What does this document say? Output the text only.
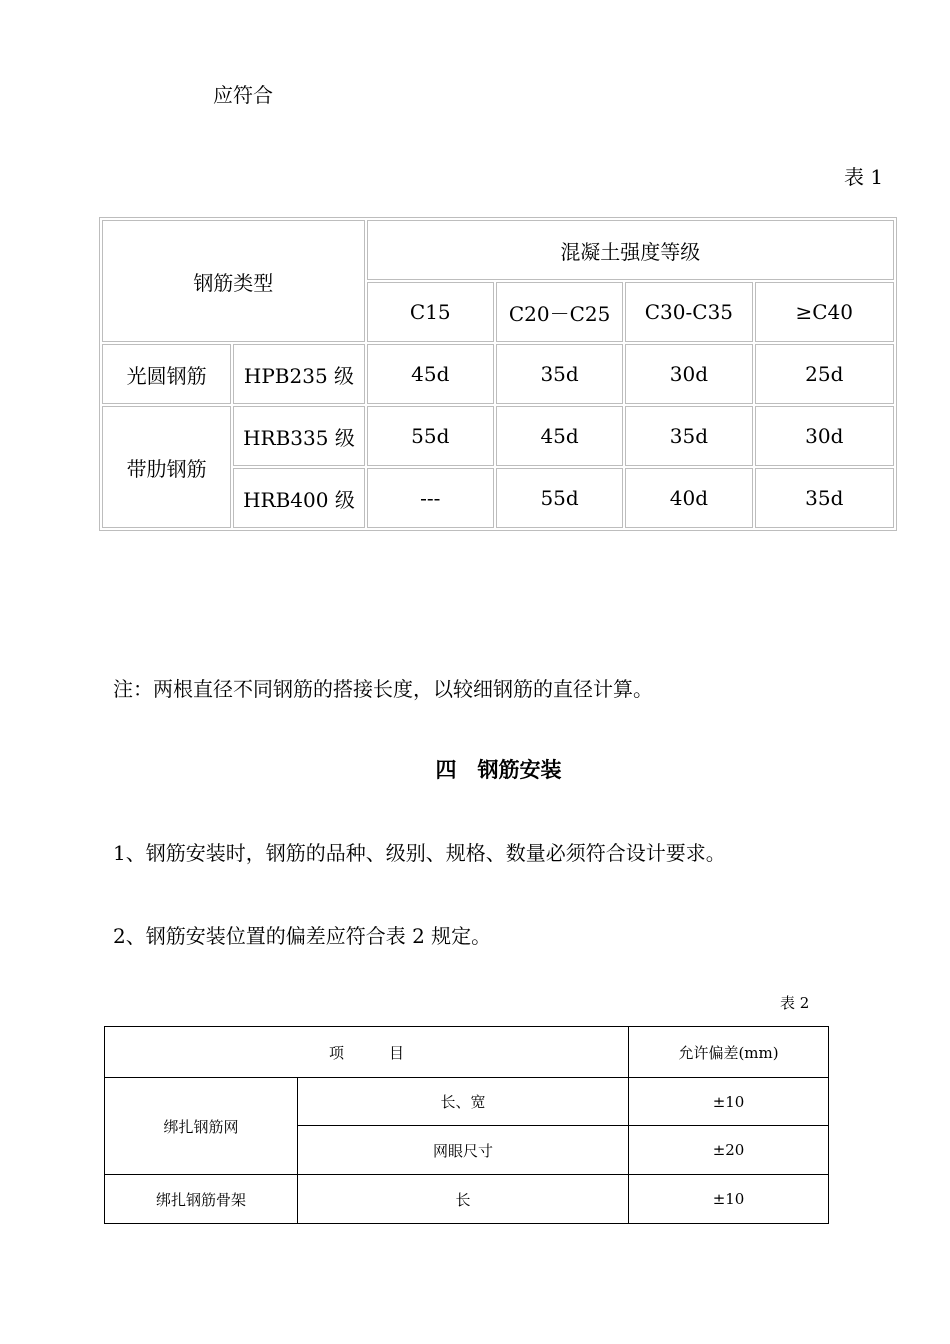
应符合

表 1

钢筋类型		混凝土强度等级			
		C15	C20－C25	C30-C35	≥C40
光圆钢筋	HPB235 级	45d	35d	30d	25d
带肋钢筋	HRB335 级	55d	45d	35d	30d
	HRB400 级	---	55d	40d	35d

注：两根直径不同钢筋的搭接长度，以较细钢筋的直径计算。

四　钢筋安装

1、钢筋安装时，钢筋的品种、级别、规格、数量必须符合设计要求。

2、钢筋安装位置的偏差应符合表 2 规定。

表 2

项　　　目		允许偏差(mm)
绑扎钢筋网	长、宽	±10
	网眼尺寸	±20
绑扎钢筋骨架	长	±10
